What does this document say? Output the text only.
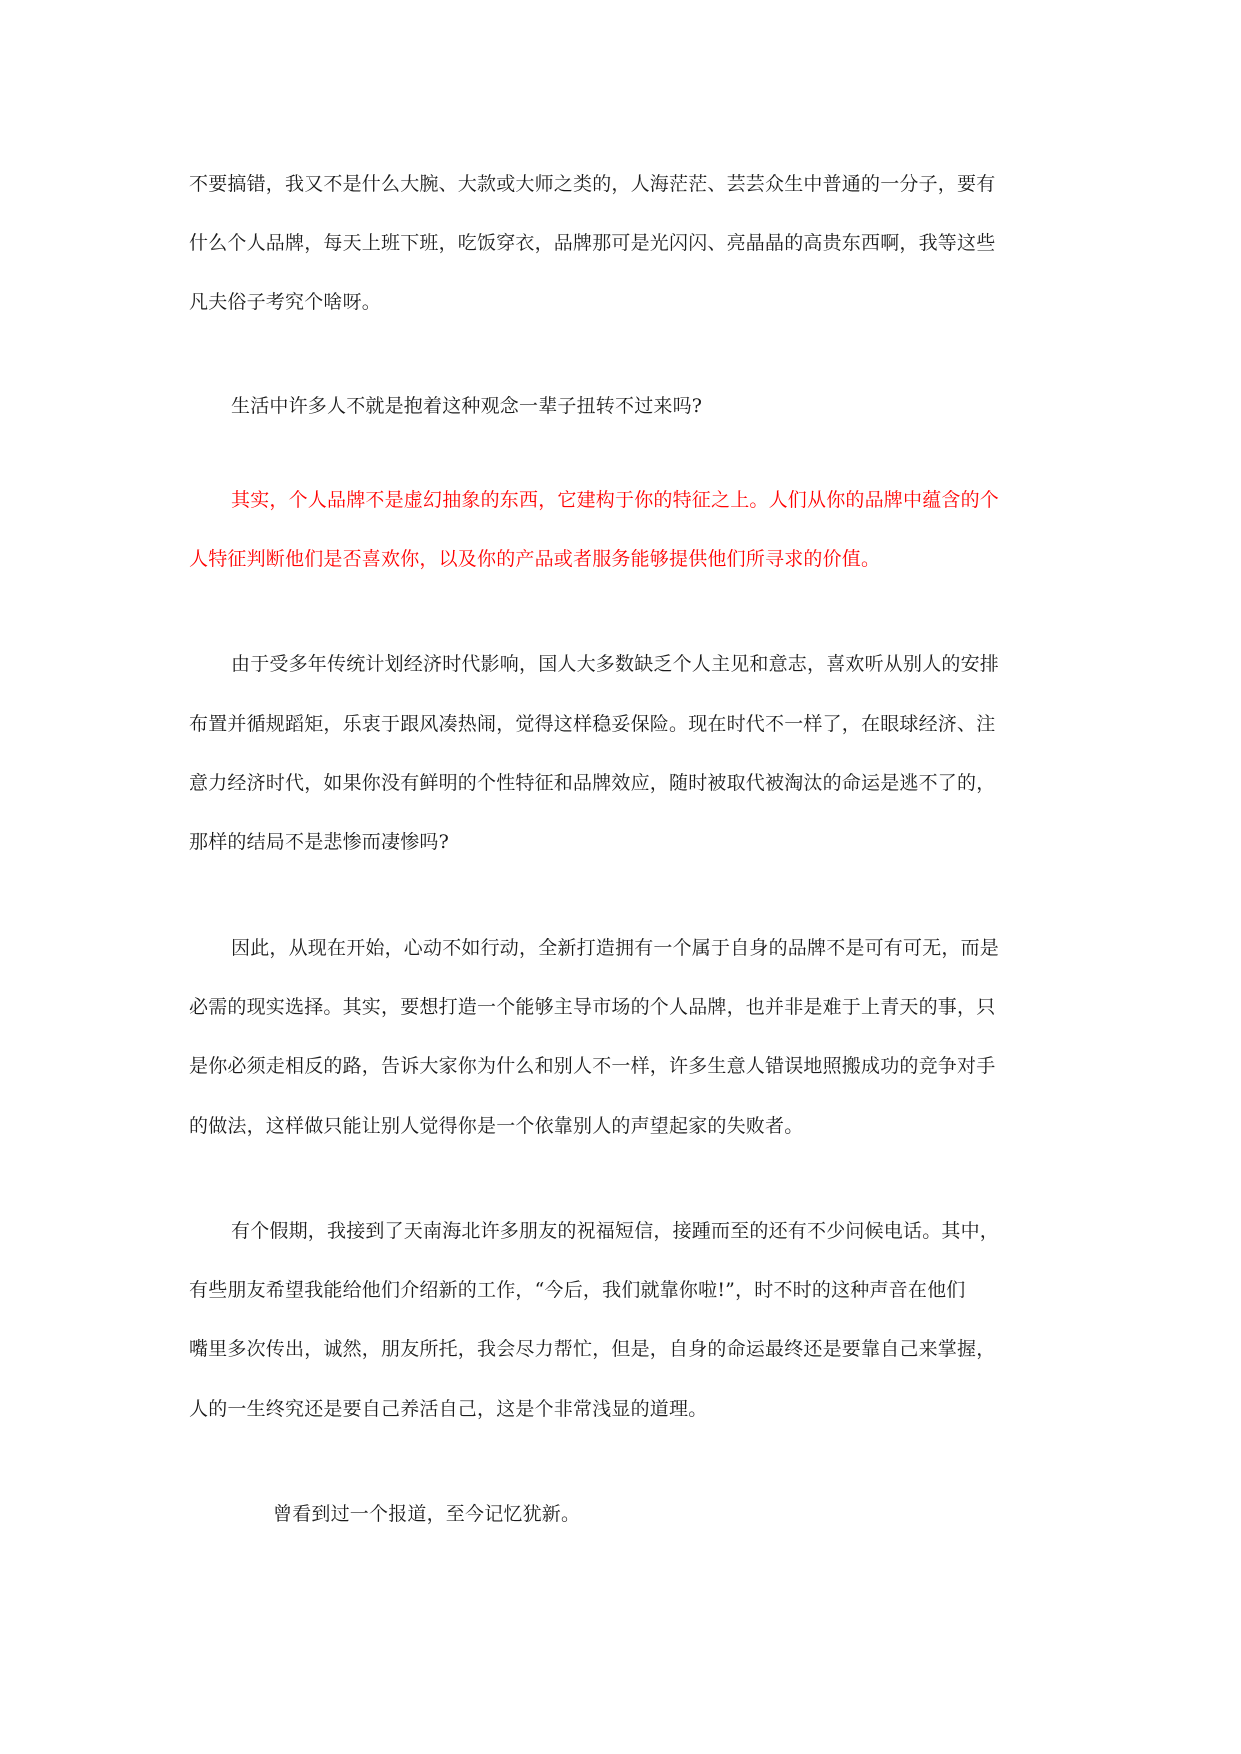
不要搞错，我又不是什么大腕、大款或大师之类的，人海茫茫、芸芸众生中普通的一分子，要有
什么个人品牌，每天上班下班，吃饭穿衣，品牌那可是光闪闪、亮晶晶的高贵东西啊，我等这些
凡夫俗子考究个啥呀。
生活中许多人不就是抱着这种观念一辈子扭转不过来吗?
其实，个人品牌不是虚幻抽象的东西，它建构于你的特征之上。人们从你的品牌中蕴含的个
人特征判断他们是否喜欢你，以及你的产品或者服务能够提供他们所寻求的价值。
由于受多年传统计划经济时代影响，国人大多数缺乏个人主见和意志，喜欢听从别人的安排
布置并循规蹈矩，乐衷于跟风凑热闹，觉得这样稳妥保险。现在时代不一样了，在眼球经济、注
意力经济时代，如果你没有鲜明的个性特征和品牌效应，随时被取代被淘汰的命运是逃不了的，
那样的结局不是悲惨而凄惨吗?
因此，从现在开始，心动不如行动，全新打造拥有一个属于自身的品牌不是可有可无，而是
必需的现实选择。其实，要想打造一个能够主导市场的个人品牌，也并非是难于上青天的事，只
是你必须走相反的路，告诉大家你为什么和别人不一样，许多生意人错误地照搬成功的竞争对手
的做法，这样做只能让别人觉得你是一个依靠别人的声望起家的失败者。
有个假期，我接到了天南海北许多朋友的祝福短信，接踵而至的还有不少问候电话。其中，
有些朋友希望我能给他们介绍新的工作，“今后，我们就靠你啦!”，时不时的这种声音在他们
嘴里多次传出，诚然，朋友所托，我会尽力帮忙，但是，自身的命运最终还是要靠自己来掌握，
人的一生终究还是要自己养活自己，这是个非常浅显的道理。
曾看到过一个报道，至今记忆犹新。
